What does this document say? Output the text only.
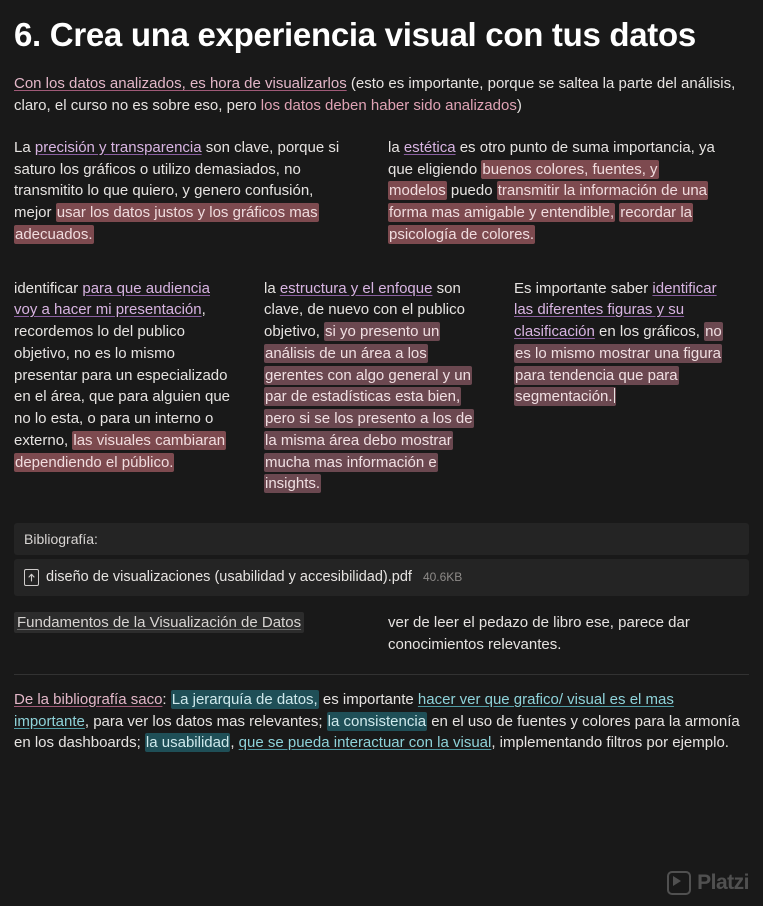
6. Crea una experiencia visual con tus datos

Con los datos analizados, es hora de visualizarlos (esto es importante, porque se saltea la parte del análisis, claro, el curso no es sobre eso, pero los datos deben haber sido analizados)

La precisión y transparencia son clave, porque si saturo los gráficos o utilizo demasiados, no transmitito lo que quiero, y genero confusión, mejor usar los datos justos y los gráficos mas adecuados.

la estética es otro punto de suma importancia, ya que eligiendo buenos colores, fuentes, y modelos puedo transmitir la información de una forma mas amigable y entendible, recordar la psicología de colores.

identificar para que audiencia voy a hacer mi presentación, recordemos lo del publico objetivo, no es lo mismo presentar para un especializado en el área, que para alguien que no lo esta, o para un interno o externo, las visuales cambiaran dependiendo el público.

la estructura y el enfoque son clave, de nuevo con el publico objetivo, si yo presento un análisis de un área a los gerentes con algo general y un par de estadísticas esta bien, pero si se los presento a los de la misma área debo mostrar mucha mas información e insights.

Es importante saber identificar las diferentes figuras y su clasificación en los gráficos, no es lo mismo mostrar una figura para tendencia que para segmentación.

Bibliografía:
diseño de visualizaciones (usabilidad y accesibilidad).pdf 40.6KB
Fundamentos de la Visualización de Datos	ver de leer el pedazo de libro ese, parece dar conocimientos relevantes.

De la bibliografía saco: La jerarquía de datos, es importante hacer ver que grafico/ visual es el mas importante, para ver los datos mas relevantes; la consistencia en el uso de fuentes y colores para la armonía en los dashboards; la usabilidad, que se pueda interactuar con la visual, implementando filtros por ejemplo.

Platzi
